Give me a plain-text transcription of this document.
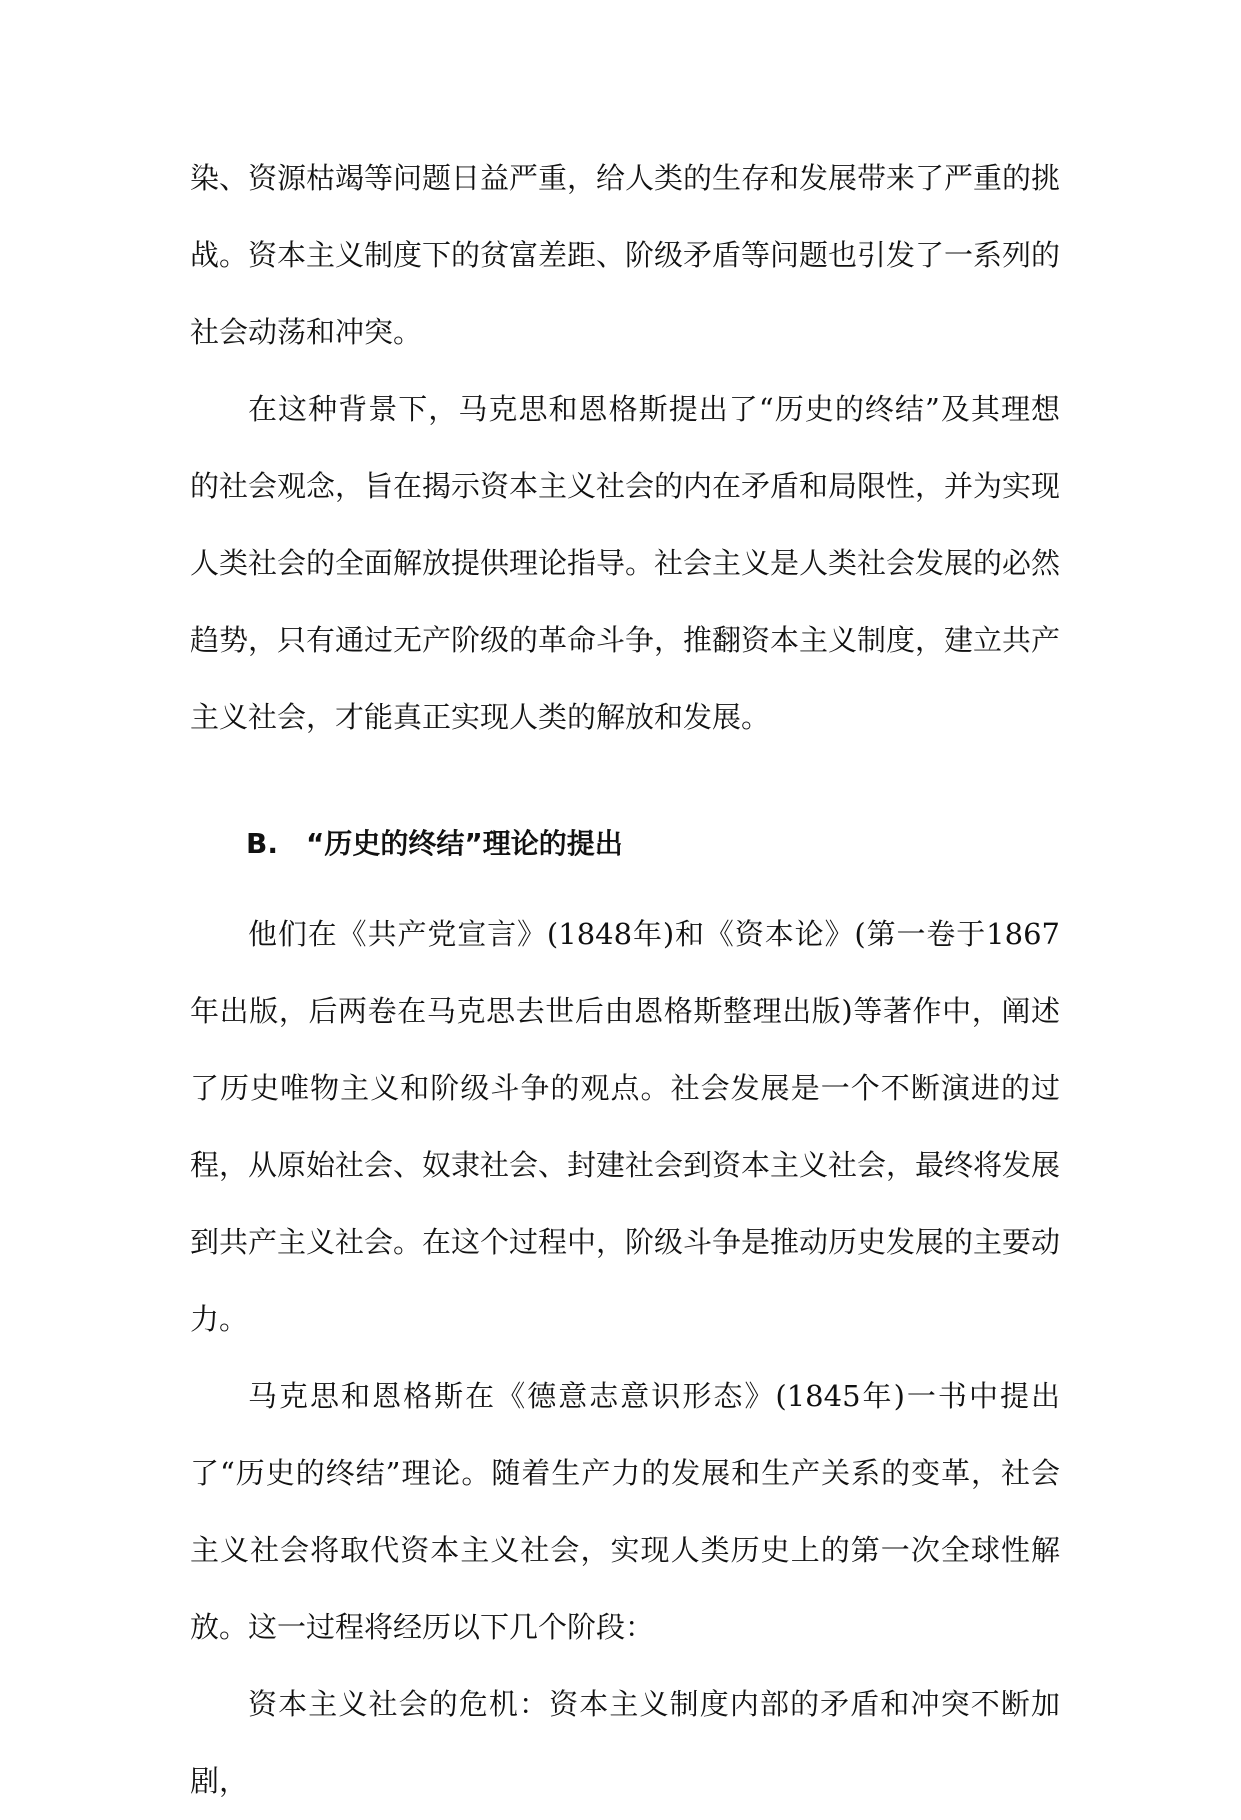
染、资源枯竭等问题日益严重，给人类的生存和发展带来了严重的挑战。资本主义制度下的贫富差距、阶级矛盾等问题也引发了一系列的社会动荡和冲突。

在这种背景下，马克思和恩格斯提出了“历史的终结”及其理想的社会观念，旨在揭示资本主义社会的内在矛盾和局限性，并为实现人类社会的全面解放提供理论指导。社会主义是人类社会发展的必然趋势，只有通过无产阶级的革命斗争，推翻资本主义制度，建立共产主义社会，才能真正实现人类的解放和发展。

B.　“历史的终结”理论的提出

他们在《共产党宣言》(1848年)和《资本论》(第一卷于1867年出版，后两卷在马克思去世后由恩格斯整理出版)等著作中，阐述了历史唯物主义和阶级斗争的观点。社会发展是一个不断演进的过程，从原始社会、奴隶社会、封建社会到资本主义社会，最终将发展到共产主义社会。在这个过程中，阶级斗争是推动历史发展的主要动力。

马克思和恩格斯在《德意志意识形态》(1845年)一书中提出了“历史的终结”理论。随着生产力的发展和生产关系的变革，社会主义社会将取代资本主义社会，实现人类历史上的第一次全球性解放。这一过程将经历以下几个阶段：

资本主义社会的危机：资本主义制度内部的矛盾和冲突不断加剧，
